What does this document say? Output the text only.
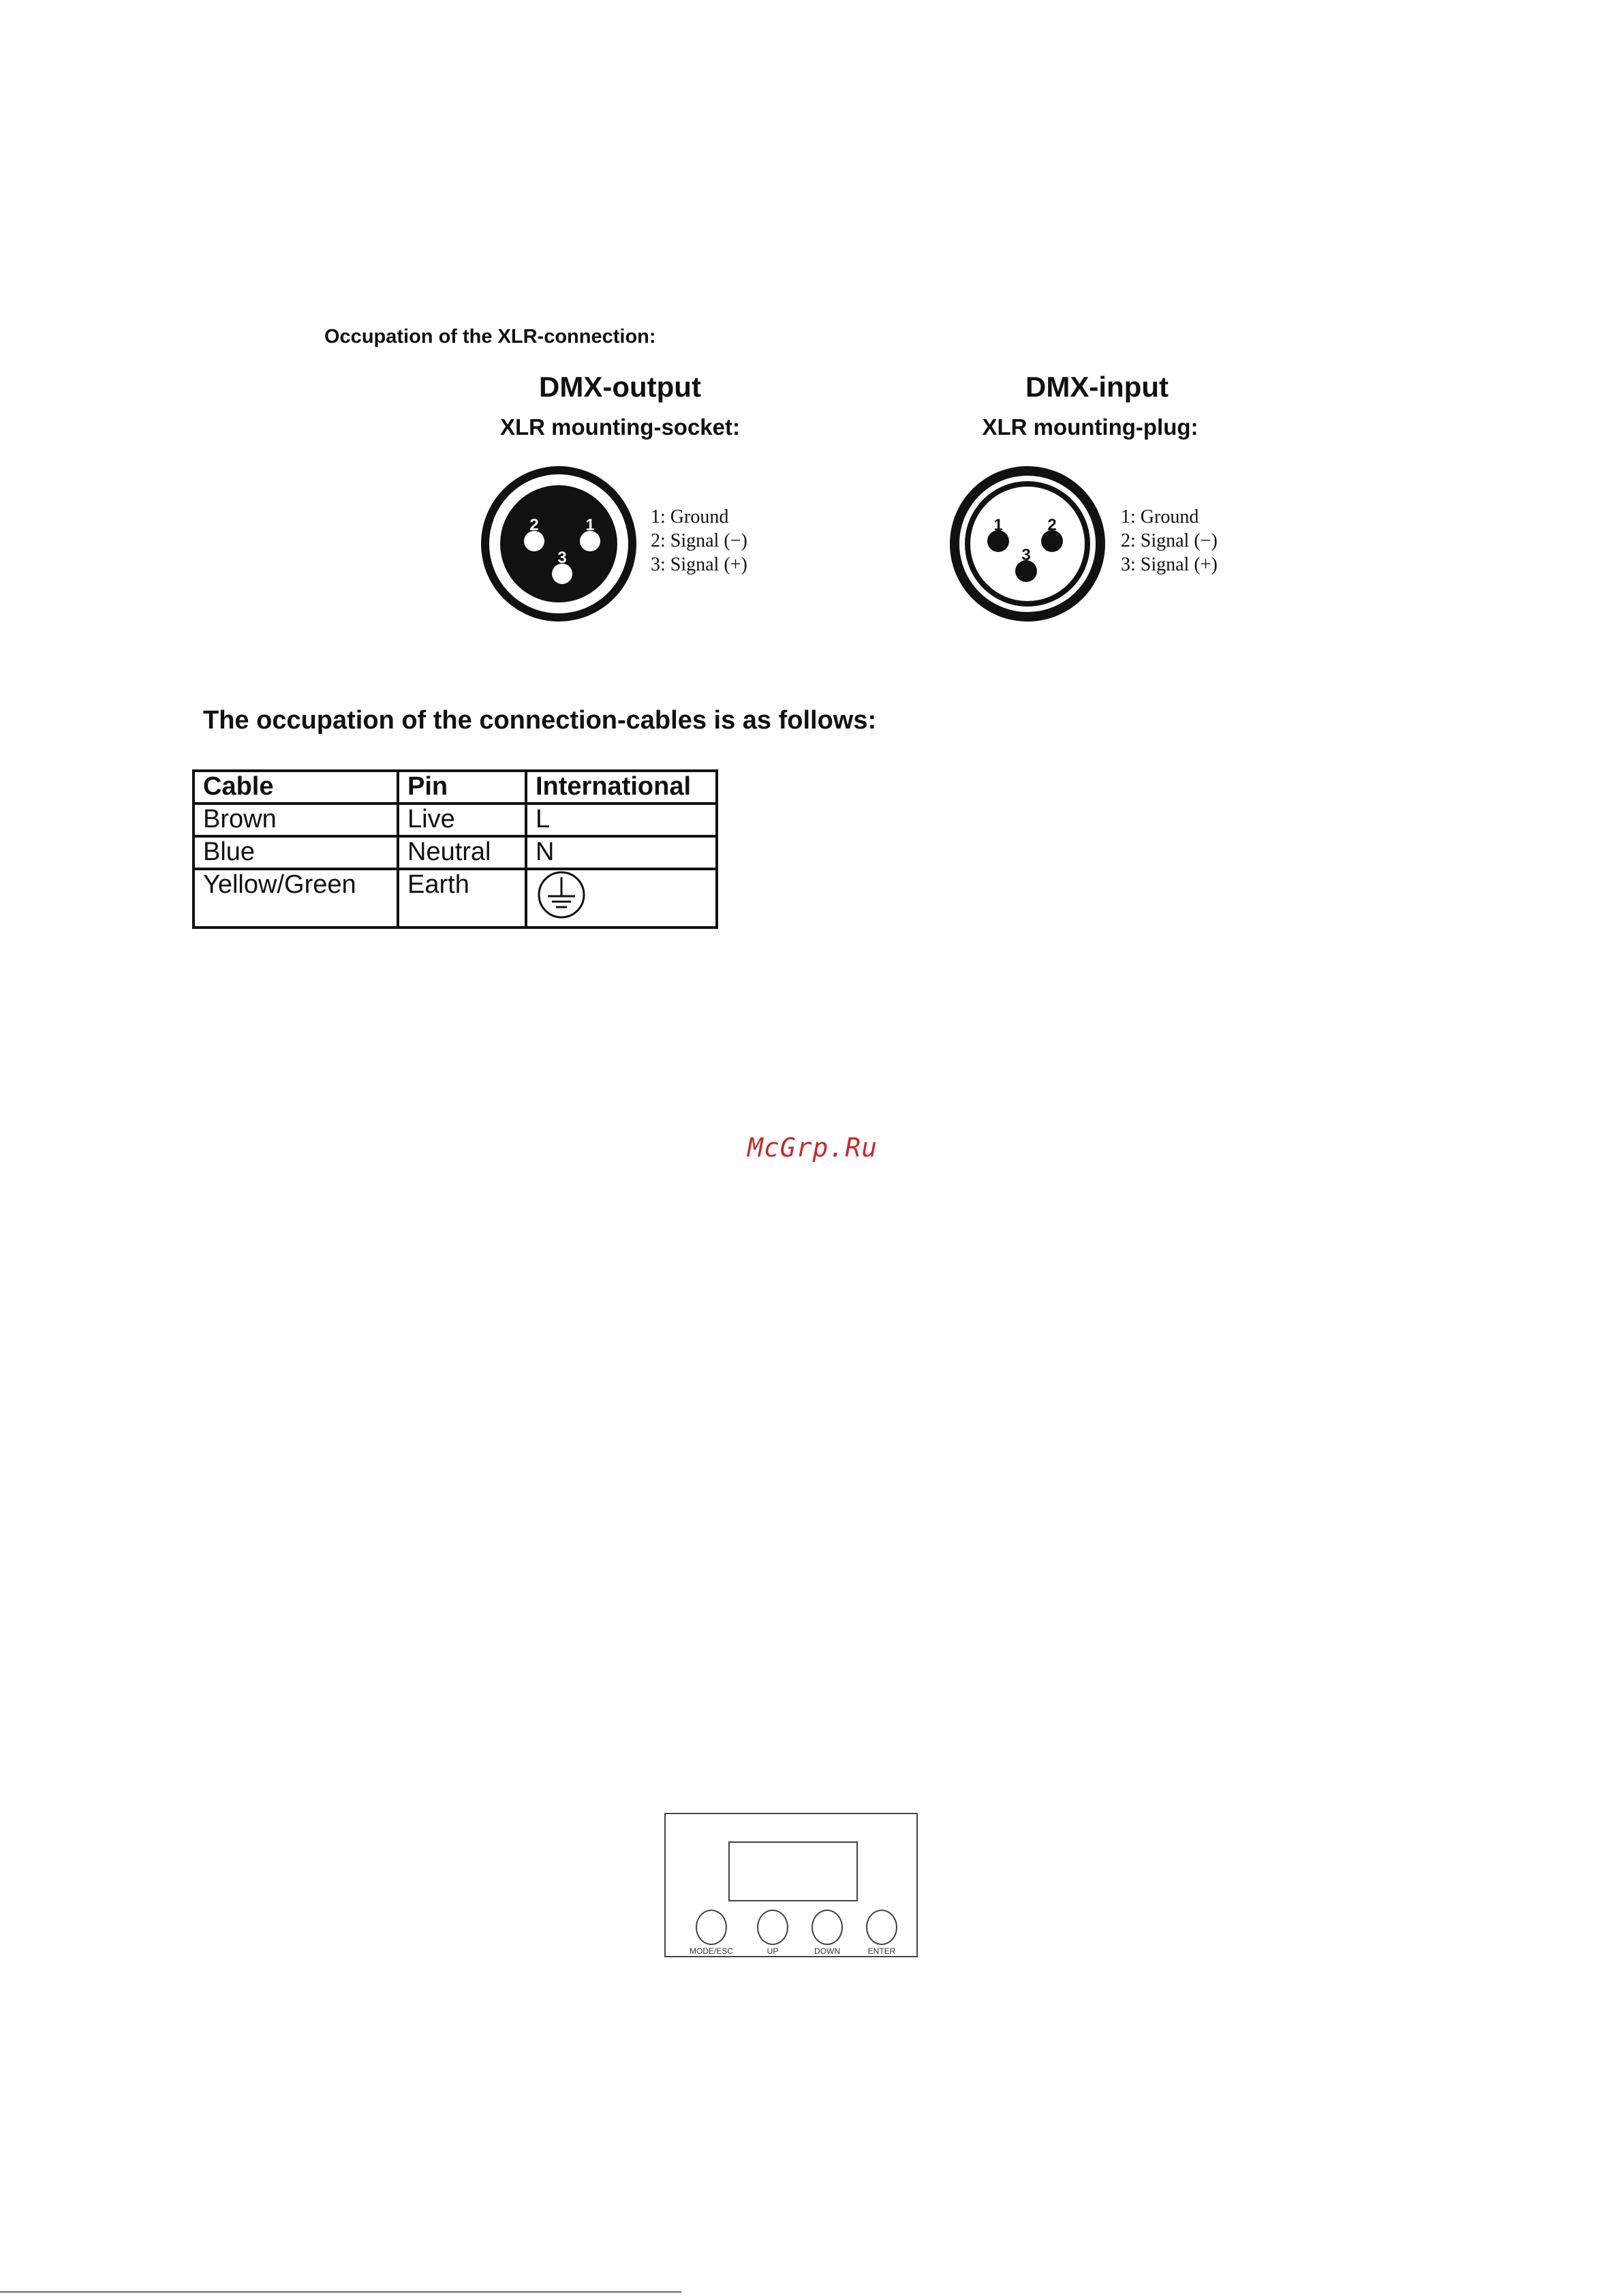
Occupation of the XLR-connection:
DMX-output
XLR mounting-socket:
DMX-input
XLR mounting-plug:
2	1
3
1: Ground
2: Signal (−)
3: Signal (+)
1	2
3
1: Ground
2: Signal (−)
3: Signal (+)
The occupation of the connection-cables is as follows:
Cable	Pin	International
Brown	Live	L
Blue	Neutral	N
Yellow/Green	Earth	
McGrp.Ru
MODE/ESC	UP	DOWN	ENTER
